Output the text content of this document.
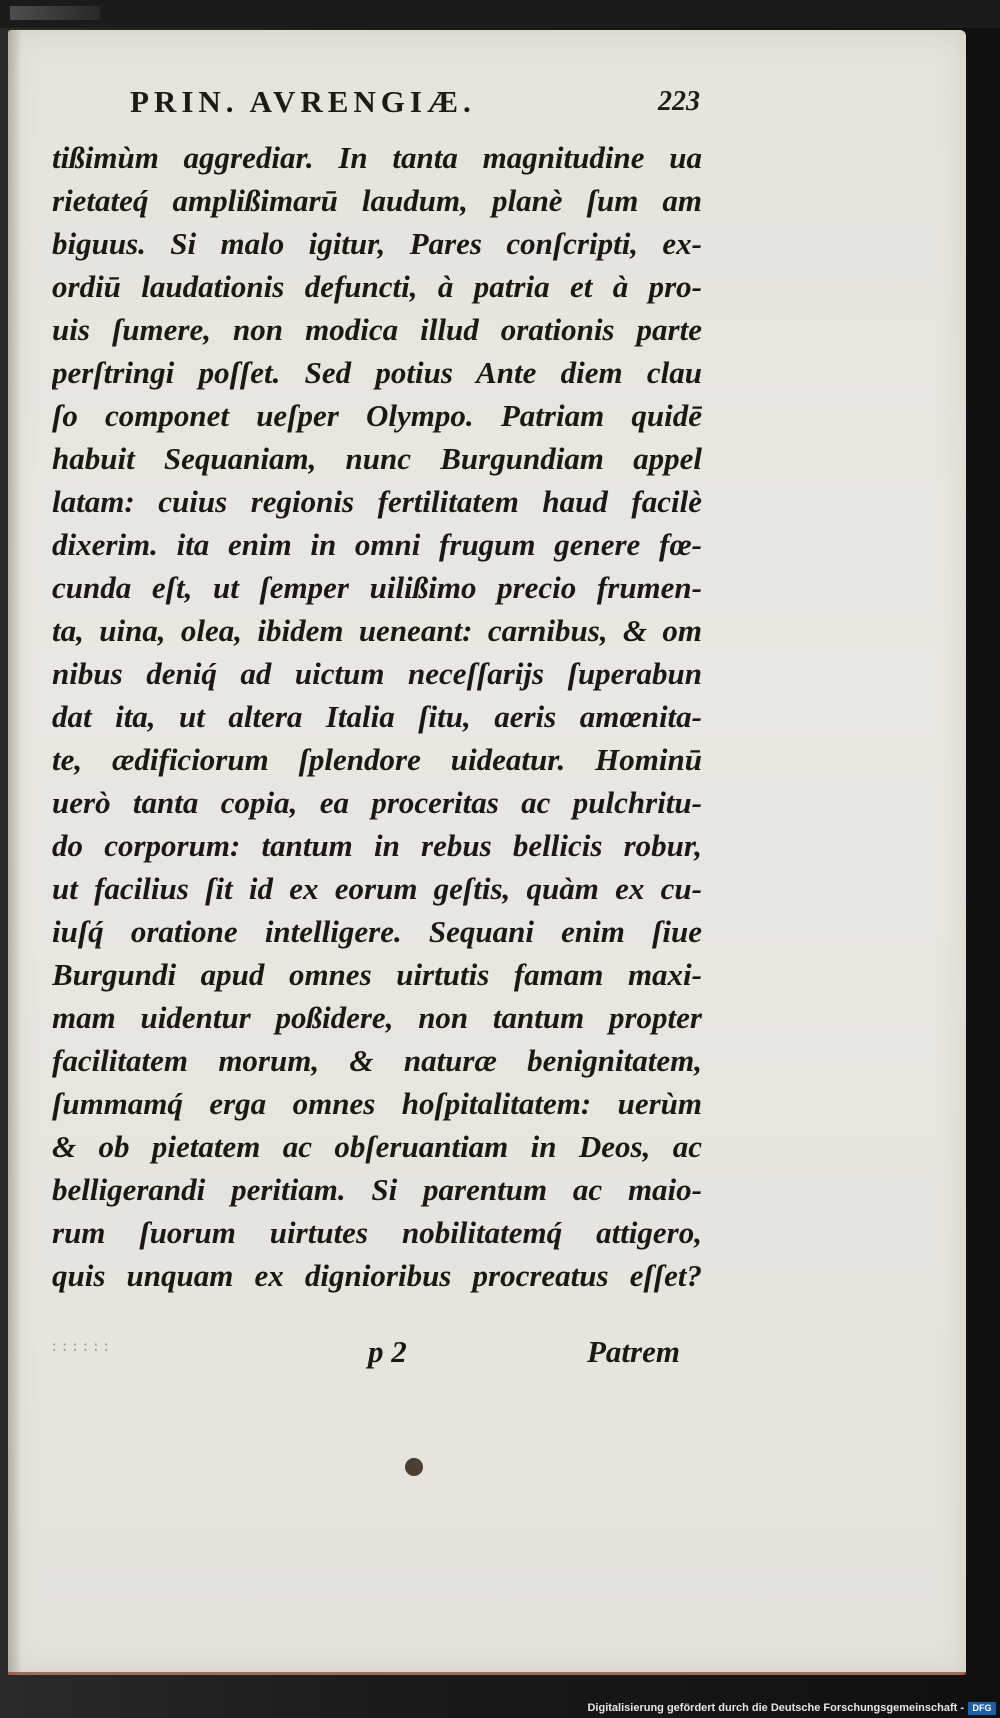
PRIN. AVRENGIÆ.	223
tißimùm aggrediar. In tanta magnitudine ua
rietateq́ amplißimarū laudum, planè ſum am
biguus. Si malo igitur, Pares conſcripti, ex-
ordiū laudationis defuncti, à patria et à pro-
uis ſumere, non modica illud orationis parte
perſtringi poſſet. Sed potius Ante diem clau
ſo componet ueſper Olympo. Patriam quidē
habuit Sequaniam, nunc Burgundiam appel
latam: cuius regionis fertilitatem haud facilè
dixerim. ita enim in omni frugum genere fœ-
cunda eſt, ut ſemper uilißimo precio frumen-
ta, uina, olea, ibidem ueneant: carnibus, & om
nibus deniq́ ad uictum neceſſarijs ſuperabun
dat ita, ut altera Italia ſitu, aeris amœnita-
te, ædificiorum ſplendore uideatur. Hominū
uerò tanta copia, ea proceritas ac pulchritu-
do corporum: tantum in rebus bellicis robur,
ut facilius ſit id ex eorum geſtis, quàm ex cu-
iuſq́ oratione intelligere. Sequani enim ſiue
Burgundi apud omnes uirtutis famam maxi-
mam uidentur poßidere, non tantum propter
facilitatem morum, & naturæ benignitatem,
ſummamq́ erga omnes hoſpitalitatem: uerùm
& ob pietatem ac obſeruantiam in Deos, ac
belligerandi peritiam. Si parentum ac maio-
rum ſuorum uirtutes nobilitatemq́ attigero,
quis unquam ex dignioribus procreatus eſſet?
::::::	p 2	Patrem
Digitalisierung gefördert durch die Deutsche Forschungsgemeinschaft - DFG
